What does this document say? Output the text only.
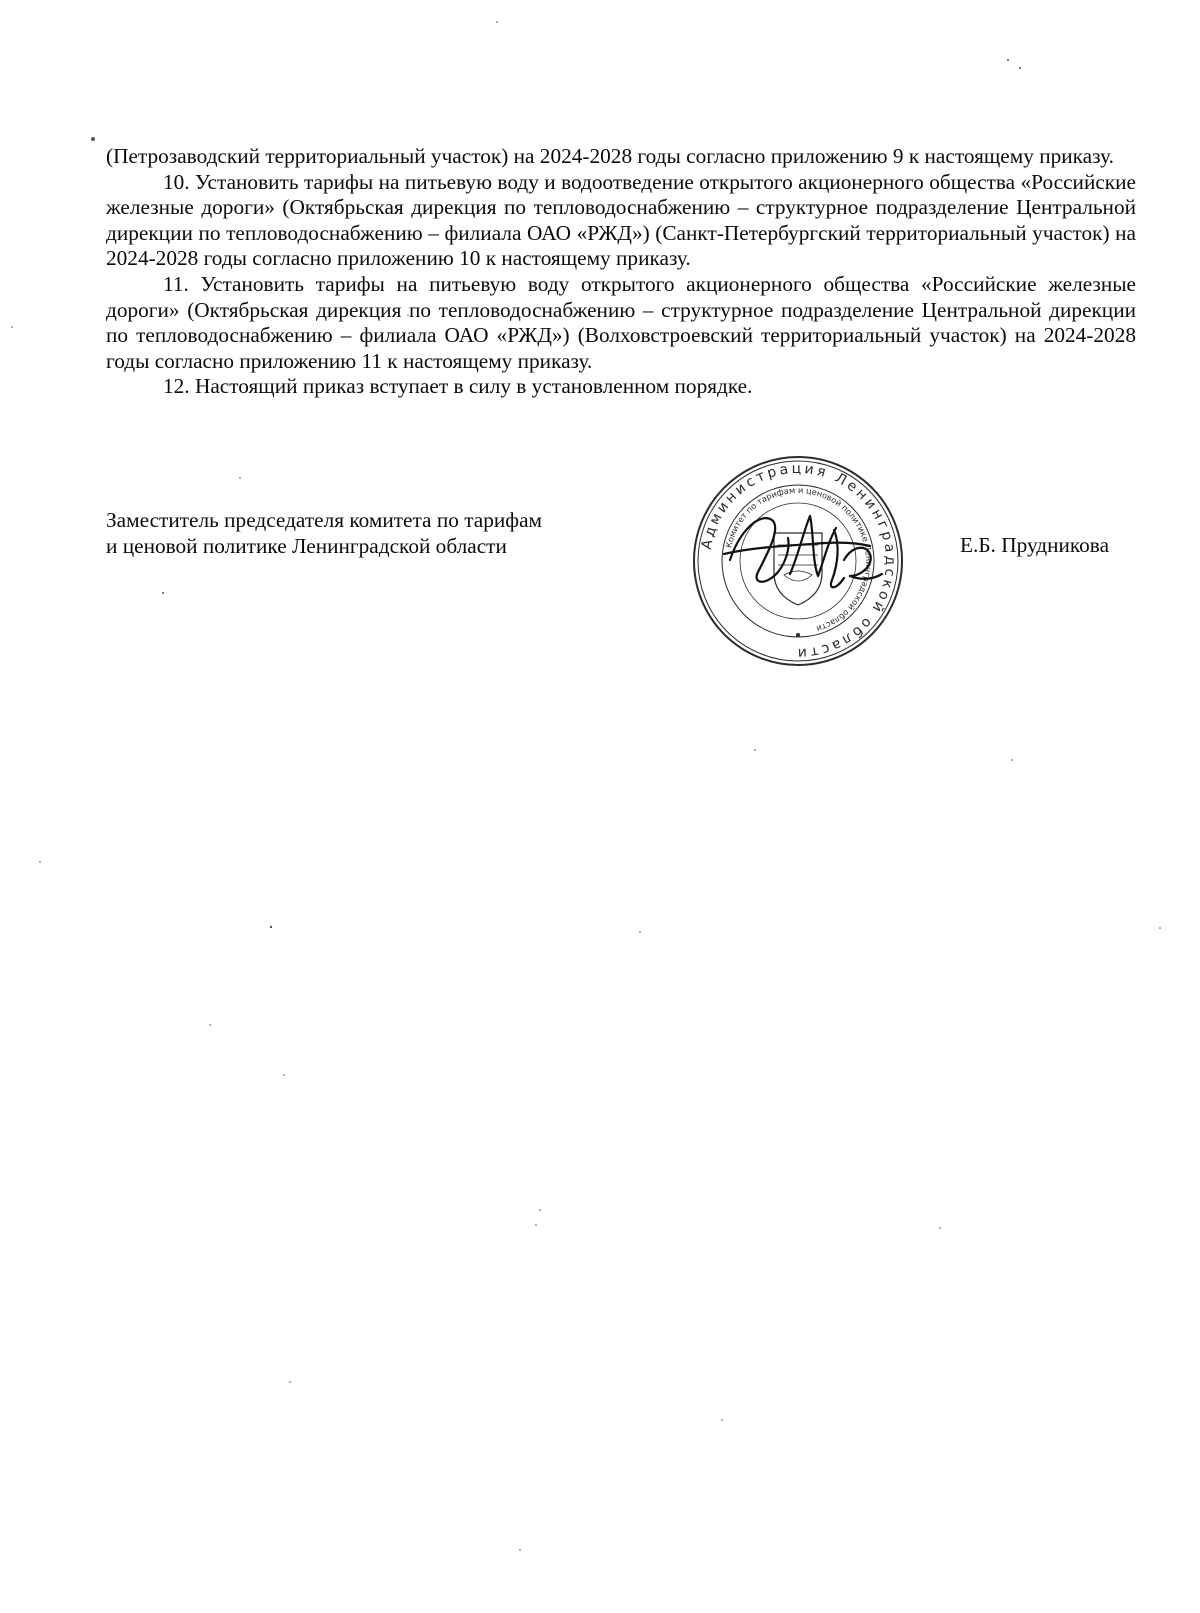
(Петрозаводский территориальный участок) на 2024-2028 годы согласно приложению 9 к настоящему приказу.

10. Установить тарифы на питьевую воду и водоотведение открытого акционерного общества «Российские железные дороги» (Октябрьская дирекция по тепловодоснабжению – структурное подразделение Центральной дирекции по тепловодоснабжению – филиала ОАО «РЖД») (Санкт-Петербургский территориальный участок) на 2024-2028 годы согласно приложению 10 к настоящему приказу.

11. Установить тарифы на питьевую воду открытого акционерного общества «Российские железные дороги» (Октябрьская дирекция по тепловодоснабжению – структурное подразделение Центральной дирекции по тепловодоснабжению – филиала ОАО «РЖД») (Волховстроевский территориальный участок) на 2024-2028 годы согласно приложению 11 к настоящему приказу.

12. Настоящий приказ вступает в силу в установленном порядке.

Заместитель председателя комитета по тарифам
и ценовой политике Ленинградской области	Е.Б. Прудникова
Администрация Ленинградской области
Комитет по тарифам и ценовой политике Ленинградской области
